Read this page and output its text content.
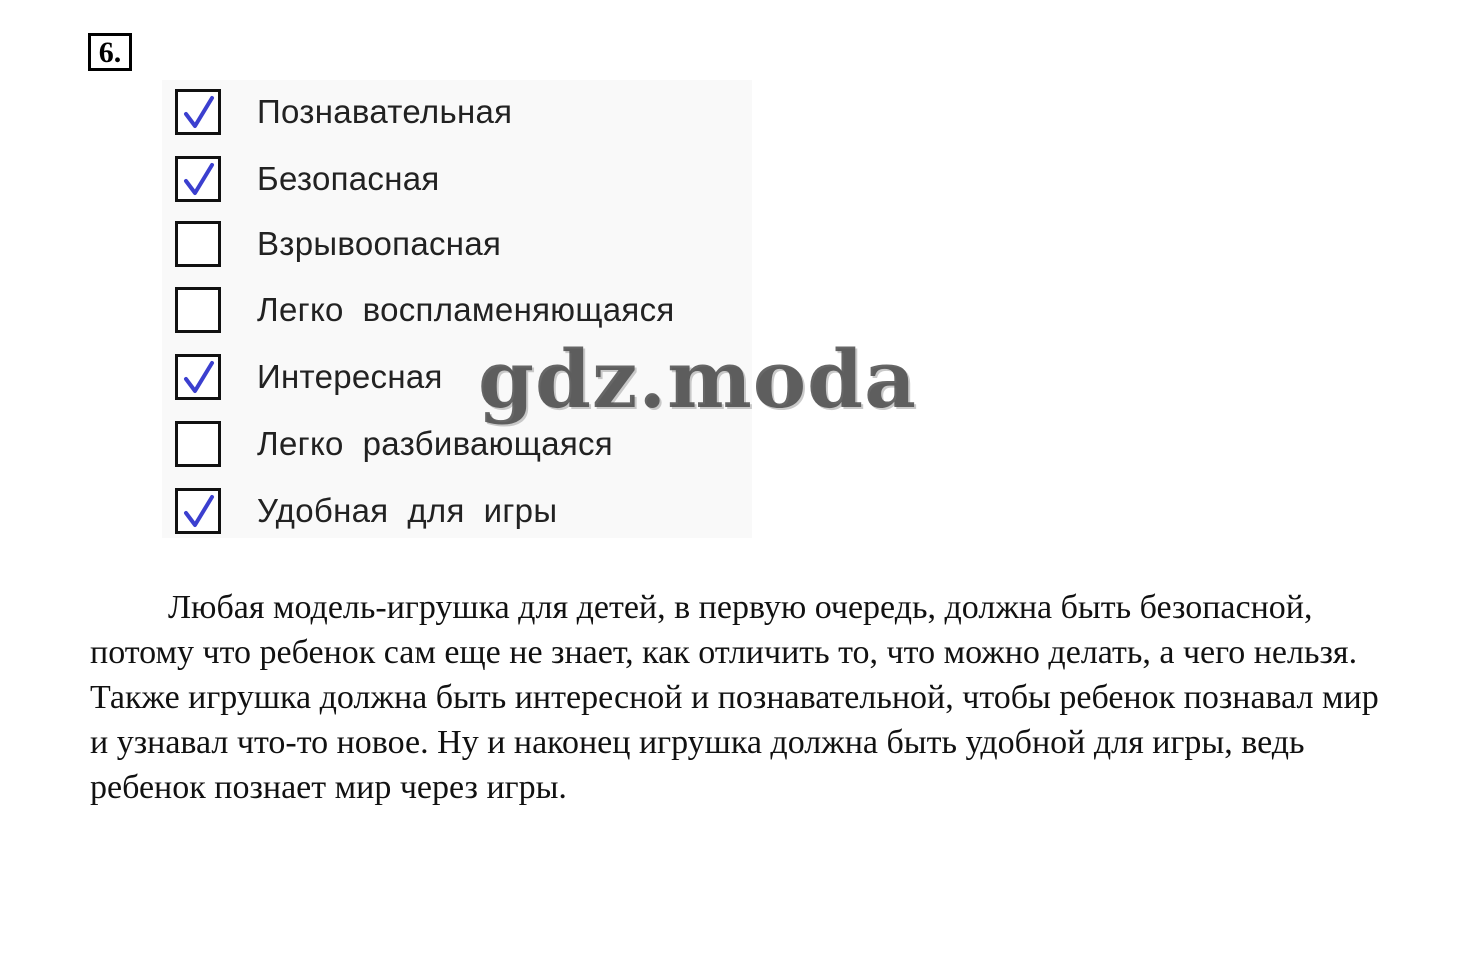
6.
Познавательная
Безопасная
Взрывоопасная
Легко  воспламеняющаяся
Интересная
Легко  разбивающаяся
Удобная  для  игры
gdz.moda

Любая модель-игрушка для детей, в первую очередь, должна быть безопасной, потому что ребенок сам еще не знает, как отличить то, что можно делать, а чего нельзя. Также игрушка должна быть интересной и познавательной, чтобы ребенок познавал мир и узнавал что-то новое. Ну и наконец игрушка должна быть удобной для игры, ведь ребенок познает мир через игры.
